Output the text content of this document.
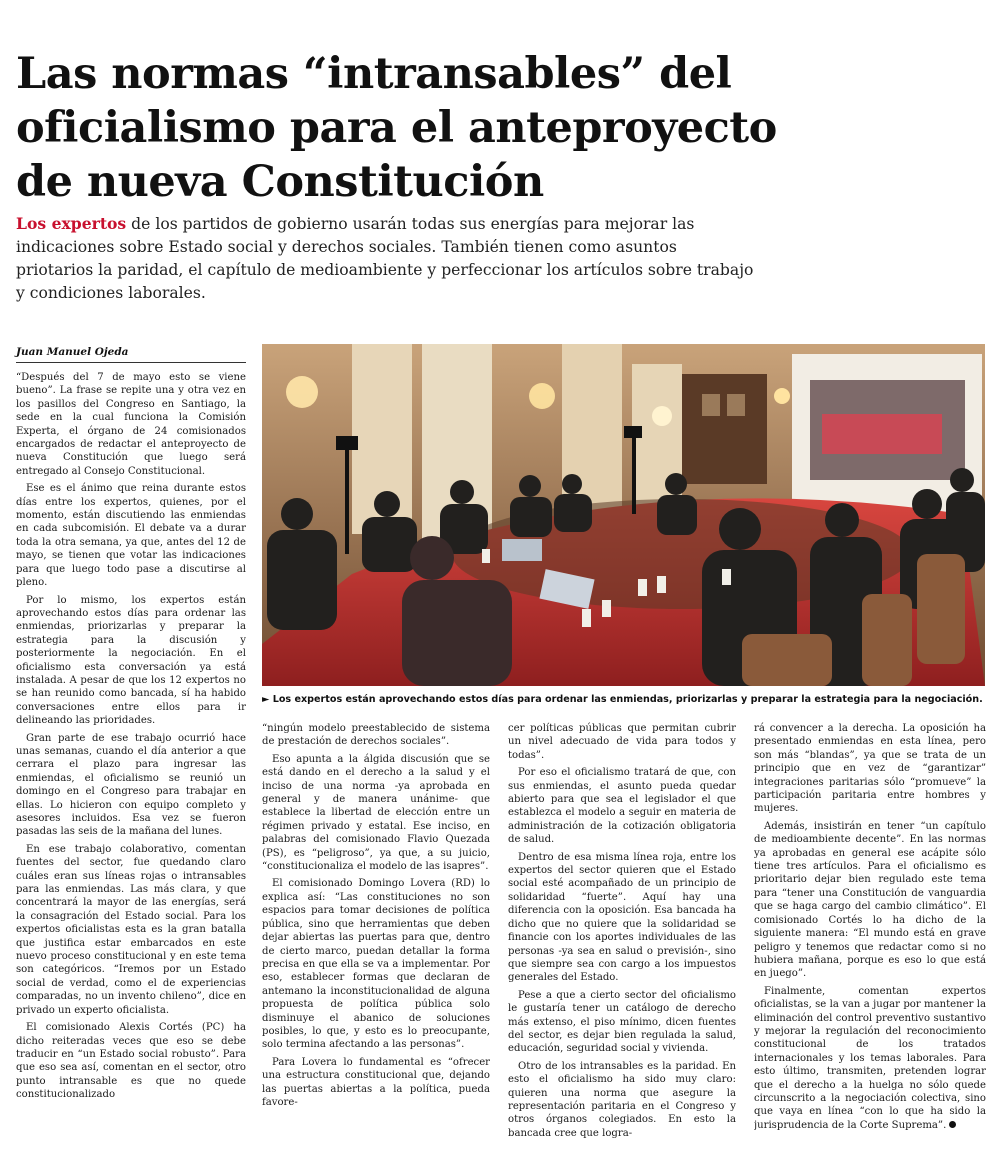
Las normas “intransables” del oficialismo para el anteproyecto de nueva Constitución

Los expertos de los partidos de gobierno usarán todas sus energías para mejorar las indicaciones sobre Estado social y derechos sociales. También tienen como asuntos priotarios la paridad, el capítulo de medioambiente y perfeccionar los artículos sobre trabajo y condiciones laborales.

Juan Manuel Ojeda
► Los expertos están aprovechando estos días para ordenar las enmiendas, priorizarlas y preparar la estrategia para la negociación.

“Después del 7 de mayo esto se viene bueno”. La frase se repite una y otra vez en los pasillos del Congreso en Santiago, la sede en la cual funciona la Comisión Experta, el órgano de 24 comisionados encargados de redactar el anteproyecto de nueva Constitución que luego será entregado al Consejo Constitucional.

Ese es el ánimo que reina durante estos días entre los expertos, quienes, por el momento, están discutiendo las enmiendas en cada subcomisión. El debate va a durar toda la otra semana, ya que, antes del 12 de mayo, se tienen que votar las indicaciones para que luego todo pase a discutirse al pleno.

Por lo mismo, los expertos están aprovechando estos días para ordenar las enmiendas, priorizarlas y preparar la estrategia para la discusión y posteriormente la negociación. En el oficialismo esta conversación ya está instalada. A pesar de que los 12 expertos no se han reunido como bancada, sí ha habido conversaciones entre ellos para ir delineando las prioridades.

Gran parte de ese trabajo ocurrió hace unas semanas, cuando el día anterior a que cerrara el plazo para ingresar las enmiendas, el oficialismo se reunió un domingo en el Congreso para trabajar en ellas. Lo hicieron con equipo completo y asesores incluidos. Esa vez se fueron pasadas las seis de la mañana del lunes.

En ese trabajo colaborativo, comentan fuentes del sector, fue quedando claro cuáles eran sus líneas rojas o intransables para las enmiendas. Las más clara, y que concentrará la mayor de las energías, será la consagración del Estado social. Para los expertos oficialistas esta es la gran batalla que justifica estar embarcados en este nuevo proceso constitucional y en este tema son categóricos. “Iremos por un Estado social de verdad, como el de experiencias comparadas, no un invento chileno”, dice en privado un experto oficialista.

El comisionado Alexis Cortés (PC) ha dicho reiteradas veces que eso se debe traducir en “un Estado social robusto”. Para que eso sea así, comentan en el sector, otro punto intransable es que no quede constitucionalizado

“ningún modelo preestablecido de sistema de prestación de derechos sociales”.

Eso apunta a la álgida discusión que se está dando en el derecho a la salud y el inciso de una norma -ya aprobada en general y de manera unánime- que establece la libertad de elección entre un régimen privado y estatal. Ese inciso, en palabras del comisionado Flavio Quezada (PS), es “peligroso”, ya que, a su juicio, “constitucionaliza el modelo de las isapres”.

El comisionado Domingo Lovera (RD) lo explica así: “Las constituciones no son espacios para tomar decisiones de política pública, sino que herramientas que deben dejar abiertas las puertas para que, dentro de cierto marco, puedan detallar la forma precisa en que ella se va a implementar. Por eso, establecer formas que declaran de antemano la inconstitucionalidad de alguna propuesta de política pública solo disminuye el abanico de soluciones posibles, lo que, y esto es lo preocupante, solo termina afectando a las personas”.

Para Lovera lo fundamental es “ofrecer una estructura constitucional que, dejando las puertas abiertas a la política, pueda favore-

cer políticas públicas que permitan cubrir un nivel adecuado de vida para todos y todas”.

Por eso el oficialismo tratará de que, con sus enmiendas, el asunto pueda quedar abierto para que sea el legislador el que establezca el modelo a seguir en materia de administración de la cotización obligatoria de salud.

Dentro de esa misma línea roja, entre los expertos del sector quieren que el Estado social esté acompañado de un principio de solidaridad “fuerte”. Aquí hay una diferencia con la oposición. Esa bancada ha dicho que no quiere que la solidaridad se financie con los aportes individuales de las personas -ya sea en salud o previsión-, sino que siempre sea con cargo a los impuestos generales del Estado.

Pese a que a cierto sector del oficialismo le gustaría tener un catálogo de derecho más extenso, el piso mínimo, dicen fuentes del sector, es dejar bien regulada la salud, educación, seguridad social y vivienda.

Otro de los intransables es la paridad. En esto el oficialismo ha sido muy claro: quieren una norma que asegure la representación paritaria en el Congreso y otros órganos colegiados. En esto la bancada cree que logra-

rá convencer a la derecha. La oposición ha presentado enmiendas en esta línea, pero son más “blandas”, ya que se trata de un principio que en vez de “garantizar” integraciones paritarias sólo “promueve” la participación paritaria entre hombres y mujeres.

Además, insistirán en tener “un capítulo de medioambiente decente”. En las normas ya aprobadas en general ese acápite sólo tiene tres artículos. Para el oficialismo es prioritario dejar bien regulado este tema para “tener una Constitución de vanguardia que se haga cargo del cambio climático”. El comisionado Cortés lo ha dicho de la siguiente manera: “El mundo está en grave peligro y tenemos que redactar como si no hubiera mañana, porque es eso lo que está en juego”.

Finalmente, comentan expertos oficialistas, se la van a jugar por mantener la eliminación del control preventivo sustantivo y mejorar la regulación del reconocimiento constitucional de los tratados internacionales y los temas laborales. Para esto último, transmiten, pretenden lograr que el derecho a la huelga no sólo quede circunscrito a la negociación colectiva, sino que vaya en línea “con lo que ha sido la jurisprudencia de la Corte Suprema”.
